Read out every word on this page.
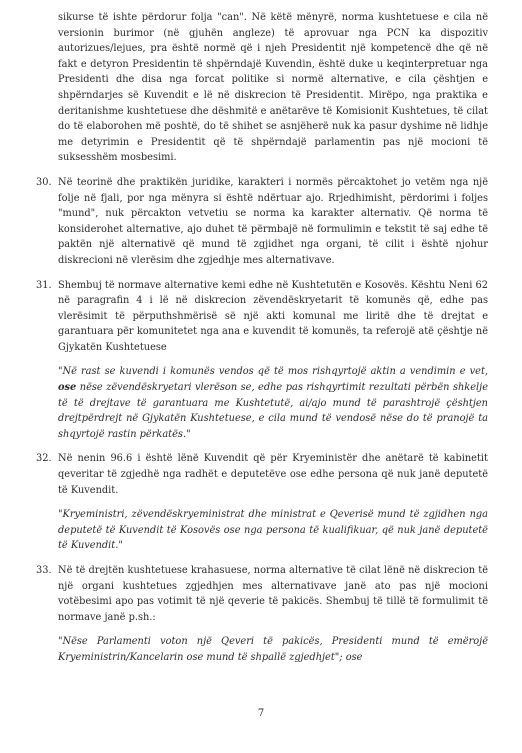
sikurse të ishte përdorur folja "can". Në këtë mënyrë, norma kushtetuese e cila në versionin burimor (në gjuhën angleze) të aprovuar nga PCN ka dispozitiv autorizues/lejues, pra është normë që i njeh Presidentit një kompetencë dhe që në fakt e detyron Presidentin të shpërndajë Kuvendin, është duke u keqinterpretuar nga Presidenti dhe disa nga forcat politike si normë alternative, e cila çështjen e shpërndarjes së Kuvendit e lë në diskrecion të Presidentit. Mirëpo, nga praktika e deritanishme kushtetuese dhe dëshmitë e anëtarëve të Komisionit Kushtetues, të cilat do të elaborohen më poshtë, do të shihet se asnjëherë nuk ka pasur dyshime në lidhje me detyrimin e Presidentit që të shpërndajë parlamentin pas një mocioni të suksesshëm mosbesimi.

30. Në teorinë dhe praktikën juridike, karakteri i normës përcaktohet jo vetëm nga një folje në fjali, por nga mënyra si është ndërtuar ajo. Rrjedhimisht, përdorimi i foljes "mund", nuk përcakton vetvetiu se norma ka karakter alternativ. Që norma të konsiderohet alternative, ajo duhet të përmbajë në formulimin e tekstit të saj edhe të paktën një alternativë që mund të zgjidhet nga organi, të cilit i është njohur diskrecioni në vlerësim dhe zgjedhje mes alternativave.

31. Shembuj të normave alternative kemi edhe në Kushtetutën e Kosovës. Kështu Neni 62 në paragrafin 4 i lë në diskrecion zëvendëskryetarit të komunës që, edhe pas vlerësimit të përputhshmërisë së një akti komunal me liritë dhe të drejtat e garantuara për komunitetet nga ana e kuvendit të komunës, ta referojë atë çështje në Gjykatën Kushtetuese

"Në rast se kuvendi i komunës vendos që të mos rishqyrtojë aktin a vendimin e vet, ose nëse zëvendëskryetari vlerëson se, edhe pas rishqyrtimit rezultati përbën shkelje të të drejtave të garantuara me Kushtetutë, ai/ajo mund të parashtrojë çështjen drejtpërdrejt në Gjykatën Kushtetuese, e cila mund të vendosë nëse do të pranojë ta shqyrtojë rastin përkatës."

32. Në nenin 96.6 i është lënë Kuvendit që për Kryeministër dhe anëtarë të kabinetit qeveritar të zgjedhë nga radhët e deputetëve ose edhe persona që nuk janë deputetë të Kuvendit.

"Kryeministri, zëvendëskryeministrat dhe ministrat e Qeverisë mund të zgjidhen nga deputetë të Kuvendit të Kosovës ose nga persona të kualifikuar, që nuk janë deputetë të Kuvendit."

33. Në të drejtën kushtetuese krahasuese, norma alternative të cilat lënë në diskrecion të një organi kushtetues zgjedhjen mes alternativave janë ato pas një mocioni votëbesimi apo pas votimit të një qeverie të pakicës. Shembuj të tillë të formulimit të normave janë p.sh.:

"Nëse Parlamenti voton një Qeveri të pakicës, Presidenti mund të emërojë Kryeministrin/Kancelarin ose mund të shpallë zgjedhjet"; ose

7
